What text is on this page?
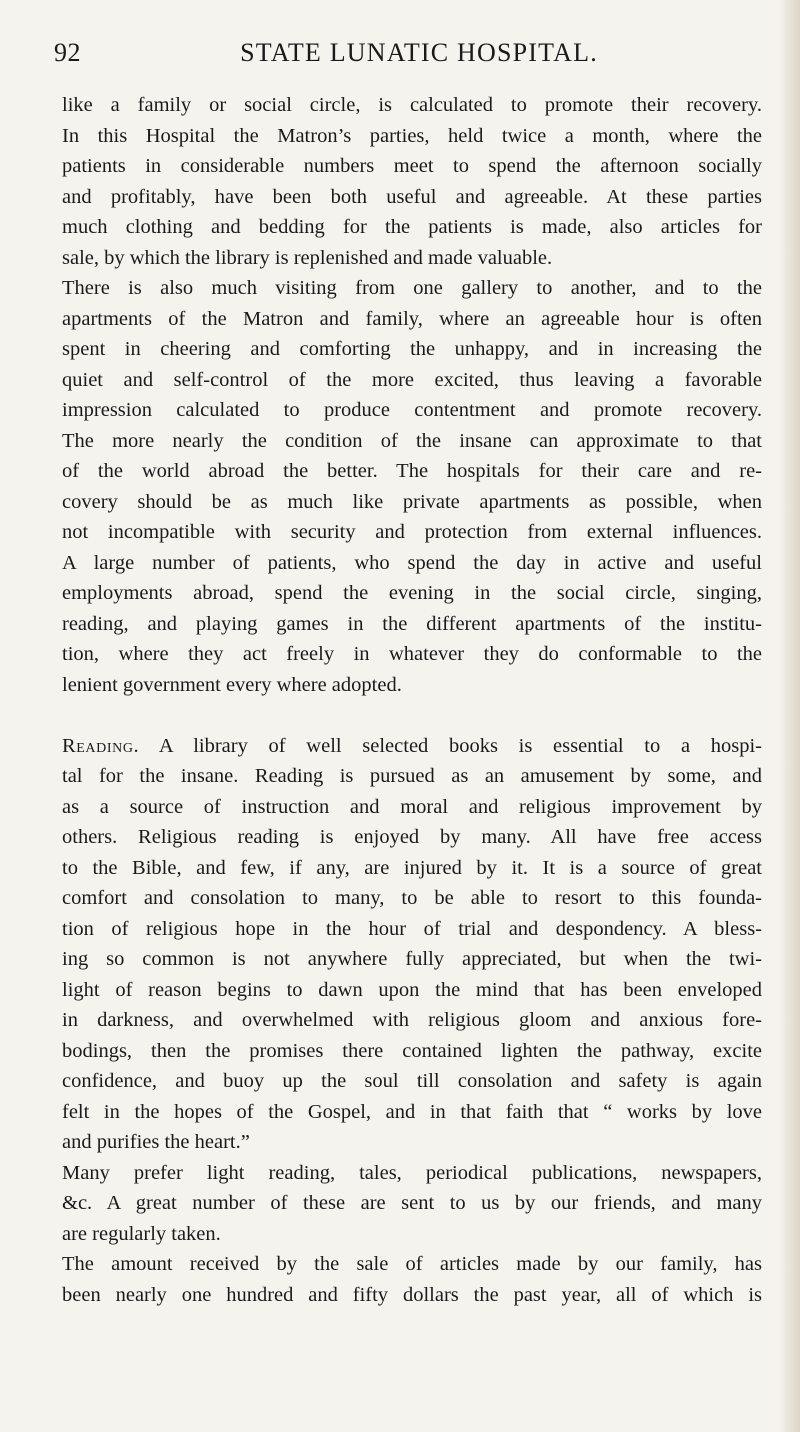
92	STATE LUNATIC HOSPITAL.
like a family or social circle, is calculated to promote their recovery.
In this Hospital the Matron’s parties, held twice a month, where the
patients in considerable numbers meet to spend the afternoon socially
and profitably, have been both useful and agreeable. At these parties
much clothing and bedding for the patients is made, also articles for
sale, by which the library is replenished and made valuable.
There is also much visiting from one gallery to another, and to the
apartments of the Matron and family, where an agreeable hour is often
spent in cheering and comforting the unhappy, and in increasing the
quiet and self-control of the more excited, thus leaving a favorable
impression calculated to produce contentment and promote recovery.
The more nearly the condition of the insane can approximate to that
of the world abroad the better. The hospitals for their care and re-
covery should be as much like private apartments as possible, when
not incompatible with security and protection from external influences.
A large number of patients, who spend the day in active and useful
employments abroad, spend the evening in the social circle, singing,
reading, and playing games in the different apartments of the institu-
tion, where they act freely in whatever they do conformable to the
lenient government every where adopted.
Reading. A library of well selected books is essential to a hospi-
tal for the insane. Reading is pursued as an amusement by some, and
as a source of instruction and moral and religious improvement by
others. Religious reading is enjoyed by many. All have free access
to the Bible, and few, if any, are injured by it. It is a source of great
comfort and consolation to many, to be able to resort to this founda-
tion of religious hope in the hour of trial and despondency. A bless-
ing so common is not anywhere fully appreciated, but when the twi-
light of reason begins to dawn upon the mind that has been enveloped
in darkness, and overwhelmed with religious gloom and anxious fore-
bodings, then the promises there contained lighten the pathway, excite
confidence, and buoy up the soul till consolation and safety is again
felt in the hopes of the Gospel, and in that faith that “ works by love
and purifies the heart.”
Many prefer light reading, tales, periodical publications, newspapers,
&c. A great number of these are sent to us by our friends, and many
are regularly taken.
The amount received by the sale of articles made by our family, has
been nearly one hundred and fifty dollars the past year, all of which is
